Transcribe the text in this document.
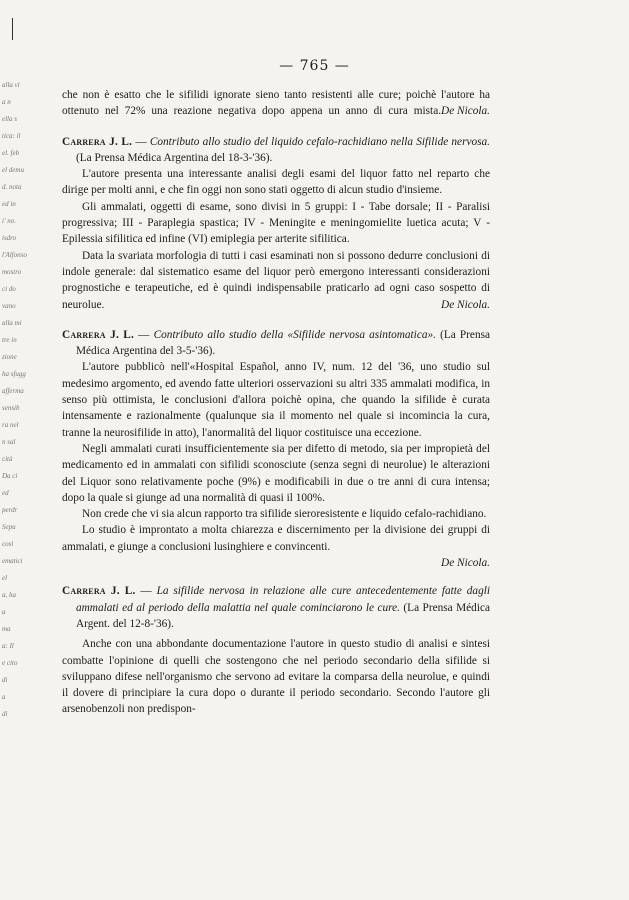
alla vi
a n
ella s
tica: il
el. feb
el demu
d. nota
ed in
i' no.
isdro
l'Alfonso
mostro
ci do
vano
alla mi
tre in
zione
ha sfugg
afferma
sensib
ra nel
n sal
cità
Da ci
ed
perdr
Sepu
così
ematici
el
a, ha
a
ma
a: Il
e cito
di
a
di
— 765 —

che non è esatto che le sifilidi ignorate sieno tanto resistenti alle cure; poichè l'autore ha ottenuto nel 72% una reazione negativa dopo appena un anno di cura mista. De Nicola.

Carrera J. L. — Contributo allo studio del liquido cefalo-rachidiano nella Sifilide nervosa. (La Prensa Médica Argentina del 18-3-'36).

L'autore presenta una interessante analisi degli esami del liquor fatto nel reparto che dirige per molti anni, e che fin oggi non sono stati oggetto di alcun studio d'insieme.

Gli ammalati, oggetti di esame, sono divisi in 5 gruppi: I - Tabe dorsale; II - Paralisi progressiva; III - Paraplegia spastica; IV - Meningite e meningomielite luetica acuta; V - Epilessia sifilitica ed infine (VI) emiplegia per arterite sifilitica.

Data la svariata morfologia di tutti i casi esaminati non si possono dedurre conclusioni di indole generale: dal sistematico esame del liquor però emergono interessanti considerazioni prognostiche e terapeutiche, ed è quindi indispensabile praticarlo ad ogni caso sospetto di neurolue.	De Nicola.

Carrera J. L. — Contributo allo studio della «Sifilide nervosa asintomatica». (La Prensa Médica Argentina del 3-5-'36).

L'autore pubblicò nell'«Hospital Español, anno IV, num. 12 del '36, uno studio sul medesimo argomento, ed avendo fatte ulteriori osservazioni su altri 335 ammalati modifica, in senso più ottimista, le conclusioni d'allora poichè opina, che quando la sifilide è curata intensamente e razionalmente (qualunque sia il momento nel quale si incomincia la cura, tranne la neurosifilide in atto), l'anormalità del liquor costituisce una eccezione.

Negli ammalati curati insufficientemente sia per difetto di metodo, sia per impropietà del medicamento ed in ammalati con sifilidi sconosciute (senza segni di neurolue) le alterazioni del Liquor sono relativamente poche (9%) e modificabili in due o tre anni di cura intensa; dopo la quale si giunge ad una normalità di quasi il 100%.

Non crede che vi sia alcun rapporto tra sifilide sieroresistente e liquido cefalo-rachidiano.

Lo studio è improntato a molta chiarezza e discernimento per la divisione dei gruppi di ammalati, e giunge a conclusioni lusinghiere e convincenti.

De Nicola.

Carrera J. L. — La sifilide nervosa in relazione alle cure antecedentemente fatte dagli ammalati ed al periodo della malattia nel quale cominciarono le cure. (La Prensa Médica Argent. del 12-8-'36).

Anche con una abbondante documentazione l'autore in questo studio di analisi e sintesi combatte l'opinione di quelli che sostengono che nel periodo secondario della sifilide si sviluppano difese nell'organismo che servono ad evitare la comparsa della neurolue, e quindi il dovere di principiare la cura dopo o durante il periodo secondario. Secondo l'autore gli arsenobenzoli non predispon-
